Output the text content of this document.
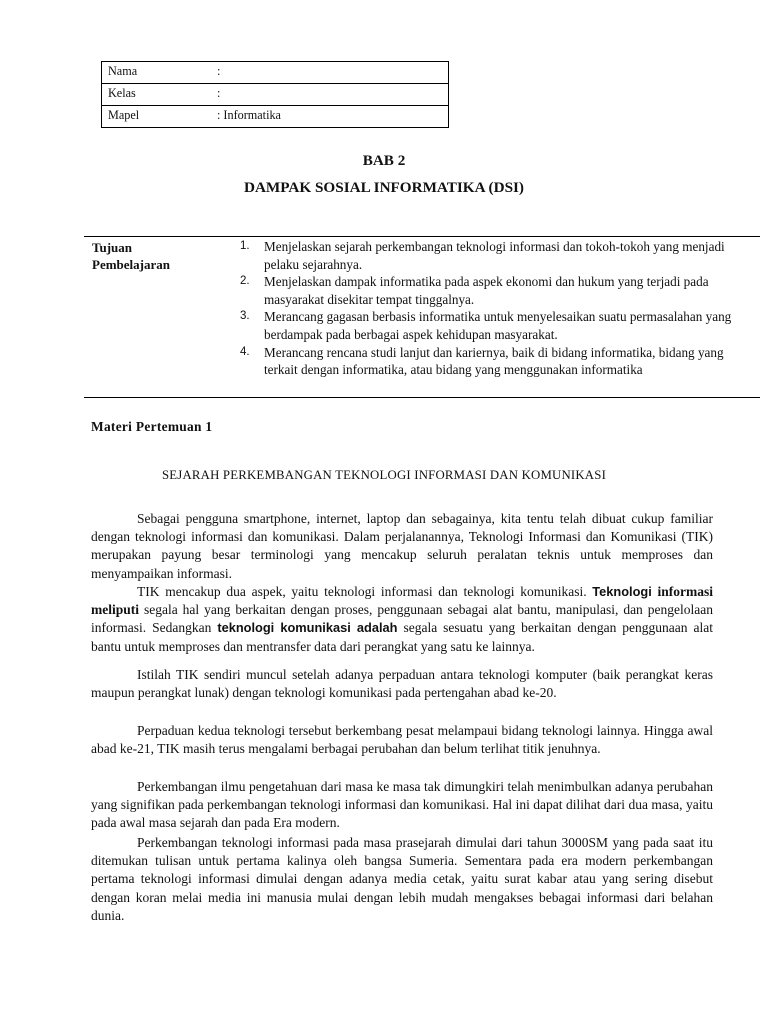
Nama	:
Kelas	:
Mapel	: Informatika
BAB 2
DAMPAK SOSIAL INFORMATIKA (DSI)
Tujuan
Pembelajaran
1. Menjelaskan sejarah perkembangan teknologi informasi dan tokoh-tokoh yang menjadi pelaku sejarahnya.
2. Menjelaskan dampak informatika pada aspek ekonomi dan hukum yang terjadi pada masyarakat disekitar tempat tinggalnya.
3. Merancang gagasan berbasis informatika untuk menyelesaikan suatu permasalahan yang berdampak pada berbagai aspek kehidupan masyarakat.
4. Merancang rencana studi lanjut dan kariernya, baik di bidang informatika, bidang yang terkait dengan informatika, atau bidang yang menggunakan informatika
Materi Pertemuan 1
SEJARAH PERKEMBANGAN TEKNOLOGI INFORMASI DAN KOMUNIKASI

Sebagai pengguna smartphone, internet, laptop dan sebagainya, kita tentu telah dibuat cukup familiar dengan teknologi informasi dan komunikasi. Dalam perjalanannya, Teknologi Informasi dan Komunikasi (TIK) merupakan payung besar terminologi yang mencakup seluruh peralatan teknis untuk memproses dan menyampaikan informasi.

TIK mencakup dua aspek, yaitu teknologi informasi dan teknologi komunikasi. Teknologi informasi meliputi segala hal yang berkaitan dengan proses, penggunaan sebagai alat bantu, manipulasi, dan pengelolaan informasi. Sedangkan teknologi komunikasi adalah segala sesuatu yang berkaitan dengan penggunaan alat bantu untuk memproses dan mentransfer data dari perangkat yang satu ke lainnya.

Istilah TIK sendiri muncul setelah adanya perpaduan antara teknologi komputer (baik perangkat keras maupun perangkat lunak) dengan teknologi komunikasi pada pertengahan abad ke-20.

Perpaduan kedua teknologi tersebut berkembang pesat melampaui bidang teknologi lainnya. Hingga awal abad ke-21, TIK masih terus mengalami berbagai perubahan dan belum terlihat titik jenuhnya.

Perkembangan ilmu pengetahuan dari masa ke masa tak dimungkiri telah menimbulkan adanya perubahan yang signifikan pada perkembangan teknologi informasi dan komunikasi. Hal ini dapat dilihat dari dua masa, yaitu pada awal masa sejarah dan pada Era modern.

Perkembangan teknologi informasi pada masa prasejarah dimulai dari tahun 3000SM yang pada saat itu ditemukan tulisan untuk pertama kalinya oleh bangsa Sumeria. Sementara pada era modern perkembangan pertama teknologi informasi dimulai dengan adanya media cetak, yaitu surat kabar atau yang sering disebut dengan koran melai media ini manusia mulai dengan lebih mudah mengakses bebagai informasi dari belahan dunia.
